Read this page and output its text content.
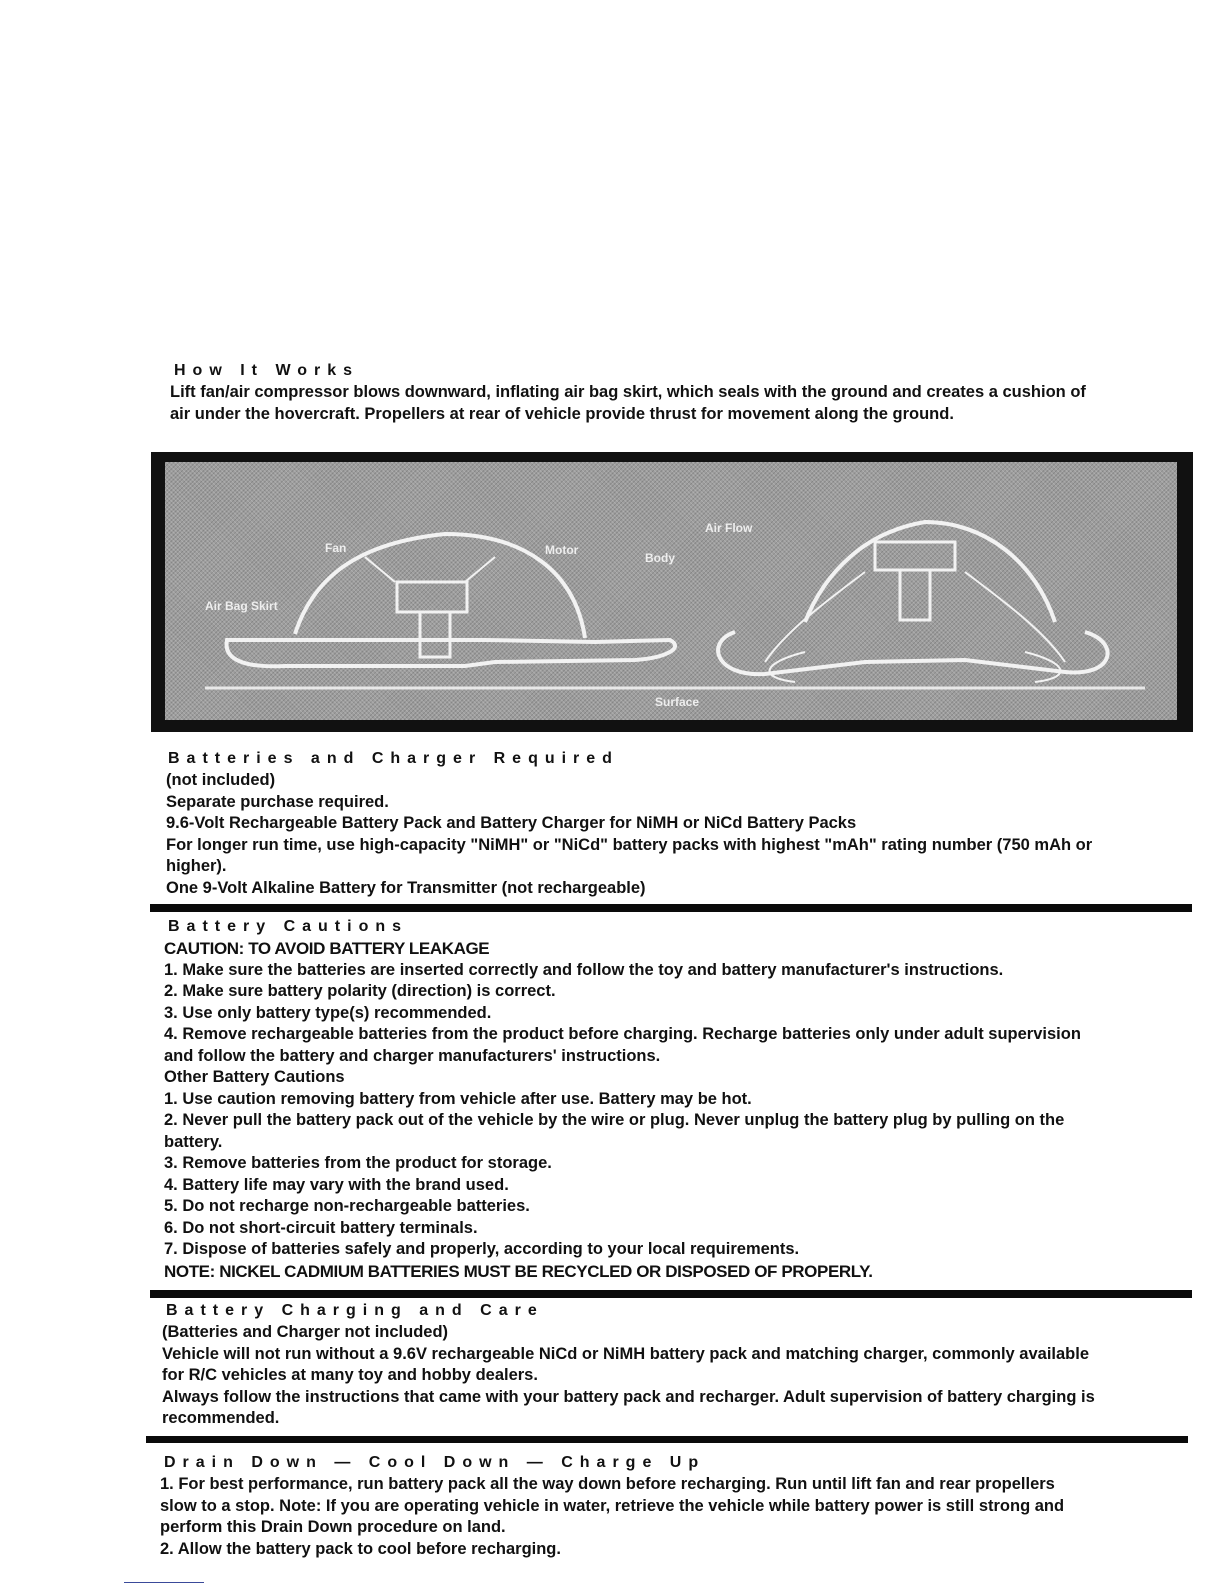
How It Works

Lift fan/air compressor blows downward, inflating air bag skirt, which seals with the ground and creates a cushion of

air under the hovercraft. Propellers at rear of vehicle provide thrust for movement along the ground.

Fan	Motor
Body
Air Flow
Air Bag Skirt
Surface
Batteries and Charger Required

(not included)

Separate purchase required.

9.6-Volt Rechargeable Battery Pack and Battery Charger for NiMH or NiCd Battery Packs

For longer run time, use high-capacity "NiMH" or "NiCd" battery packs with highest "mAh" rating number (750 mAh or

higher).

One 9-Volt Alkaline Battery for Transmitter (not rechargeable)

Battery Cautions

CAUTION: TO AVOID BATTERY LEAKAGE

1. Make sure the batteries are inserted correctly and follow the toy and battery manufacturer's instructions.

2. Make sure battery polarity (direction) is correct.

3. Use only battery type(s) recommended.

4. Remove rechargeable batteries from the product before charging. Recharge batteries only under adult supervision

and follow the battery and charger manufacturers' instructions.

Other Battery Cautions

1. Use caution removing battery from vehicle after use. Battery may be hot.

2. Never pull the battery pack out of the vehicle by the wire or plug. Never unplug the battery plug by pulling on the

battery.

3. Remove batteries from the product for storage.

4. Battery life may vary with the brand used.

5. Do not recharge non-rechargeable batteries.

6. Do not short-circuit battery terminals.

7. Dispose of batteries safely and properly, according to your local requirements.

NOTE: NICKEL CADMIUM BATTERIES MUST BE RECYCLED OR DISPOSED OF PROPERLY.

Battery Charging and Care

(Batteries and Charger not included)

Vehicle will not run without a 9.6V rechargeable NiCd or NiMH battery pack and matching charger, commonly available

for R/C vehicles at many toy and hobby dealers.

Always follow the instructions that came with your battery pack and recharger. Adult supervision of battery charging is

recommended.

Drain Down — Cool Down — Charge Up

1. For best performance, run battery pack all the way down before recharging. Run until lift fan and rear propellers

slow to a stop. Note: If you are operating vehicle in water, retrieve the vehicle while battery power is still strong and

perform this Drain Down procedure on land.

2. Allow the battery pack to cool before recharging.
